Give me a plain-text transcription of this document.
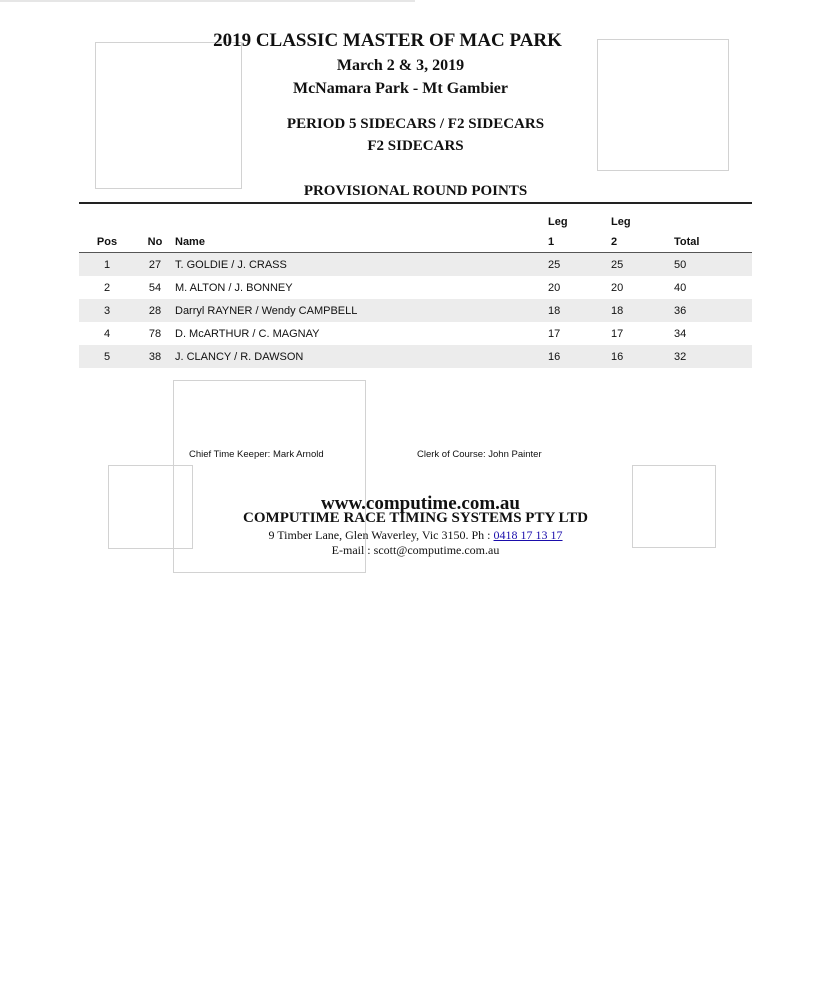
2019 CLASSIC MASTER OF MAC PARK
March 2 & 3, 2019
McNamara Park - Mt Gambier
PERIOD 5 SIDECARS / F2 SIDECARS
F2 SIDECARS
PROVISIONAL ROUND POINTS
			Leg	Leg	
Pos	No	Name	1	2	Total
1	27	T. GOLDIE / J. CRASS	25	25	50
2	54	M. ALTON / J. BONNEY	20	20	40
3	28	Darryl RAYNER / Wendy CAMPBELL	18	18	36
4	78	D. McARTHUR / C. MAGNAY	17	17	34
5	38	J. CLANCY / R. DAWSON	16	16	32
Chief Time Keeper: Mark Arnold	Clerk of Course: John Painter
www.computime.com.au
COMPUTIME RACE TIMING SYSTEMS PTY LTD
9 Timber Lane, Glen Waverley, Vic 3150. Ph : 0418 17 13 17
E-mail : scott@computime.com.au
